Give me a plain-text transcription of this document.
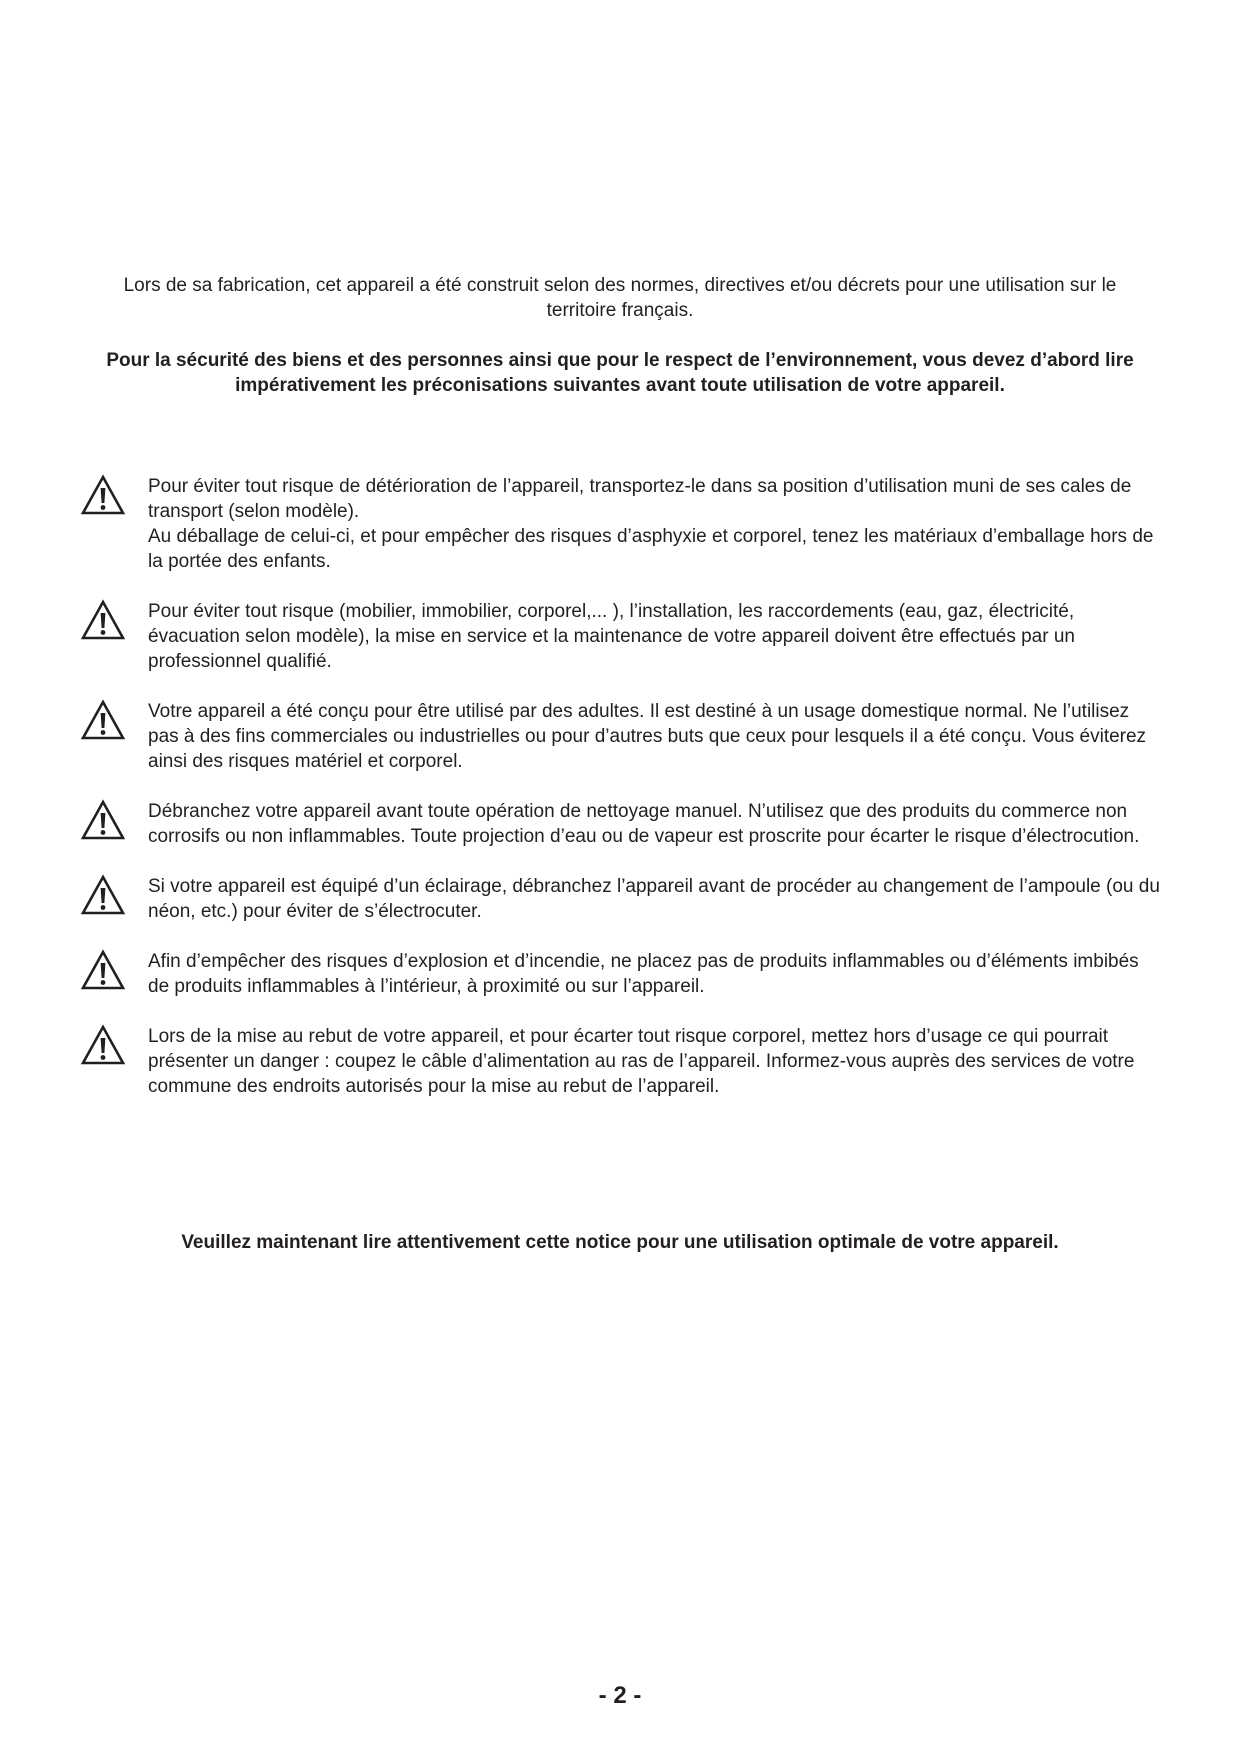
Lors de sa fabrication, cet appareil a été construit selon des normes, directives et/ou décrets pour une utilisation sur le territoire français.
Pour la sécurité des biens et des personnes ainsi que pour le respect de l’environnement, vous devez d’abord lire impérativement les préconisations suivantes avant toute utilisation de votre appareil.

Pour éviter tout risque de détérioration de l’appareil, transportez-le dans sa position d’utilisation muni de ses cales de transport (selon modèle).

Au déballage de celui-ci, et pour empêcher des risques d’asphyxie et corporel, tenez les matériaux d’emballage hors de la portée des enfants.

Pour éviter tout risque (mobilier, immobilier, corporel,... ), l’installation, les raccordements (eau, gaz, électricité, évacuation selon modèle), la mise en service et la maintenance de votre appareil doivent être effectués par un professionnel qualifié.

Votre appareil a été conçu pour être utilisé par des adultes. Il est destiné à un usage domestique normal. Ne l’utilisez pas à des fins commerciales ou industrielles ou pour d’autres buts que ceux pour lesquels il a été conçu. Vous éviterez ainsi des risques matériel et corporel.

Débranchez votre appareil avant toute opération de nettoyage manuel. N’utilisez que des produits du commerce non corrosifs ou non inflammables. Toute projection d’eau ou de vapeur est proscrite pour écarter le risque d’électrocution.

Si votre appareil est équipé d’un éclairage, débranchez l’appareil avant de procéder au changement de l’ampoule (ou du néon, etc.) pour éviter de s’électrocuter.

Afin d’empêcher des risques d’explosion et d’incendie, ne placez pas de produits inflammables ou d’éléments imbibés de produits inflammables à l’intérieur, à proximité ou sur l’appareil.

Lors de la mise au rebut de votre appareil, et pour écarter tout risque corporel, mettez hors d’usage ce qui pourrait présenter un danger : coupez le câble d’alimentation au ras de l’appareil. Informez-vous auprès des services de votre commune des endroits autorisés pour la mise au rebut de l’appareil.

Veuillez maintenant lire attentivement cette notice pour une utilisation optimale de votre appareil.
- 2 -
